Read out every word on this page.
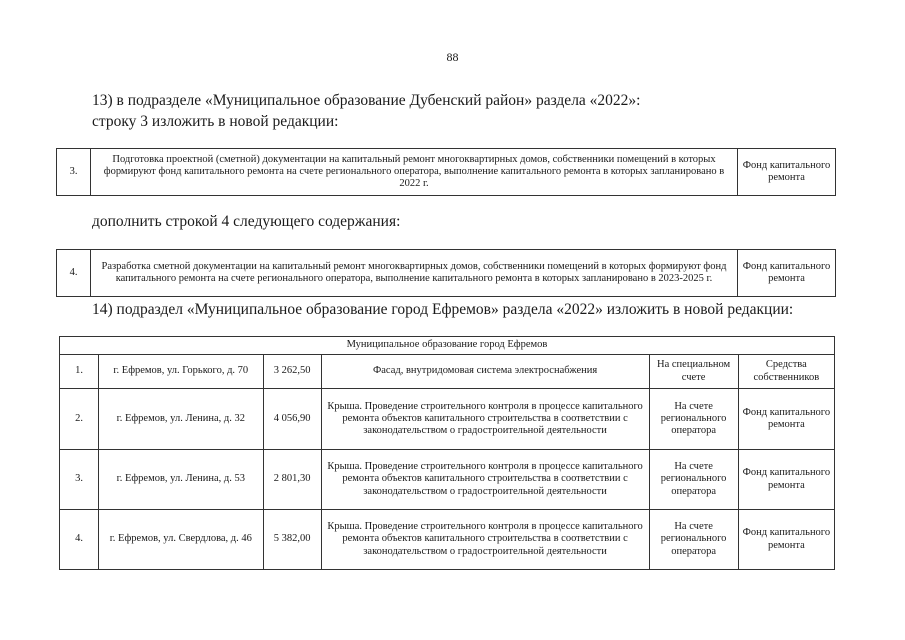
88
13) в подразделе «Муниципальное образование Дубенский район» раздела «2022»:
строку 3 изложить в новой редакции:
3.	Подготовка проектной (сметной) документации на капитальный ремонт многоквартирных домов, собственники помещений в которых формируют фонд капитального ремонта на счете регионального оператора, выполнение капитального ремонта в которых запланировано в 2022 г.	Фонд капитального ремонта
дополнить строкой 4 следующего содержания:
4.	Разработка сметной документации на капитальный ремонт многоквартирных домов, собственники помещений в которых формируют фонд капитального ремонта на счете регионального оператора, выполнение капитального ремонта в которых запланировано в 2023-2025 г.	Фонд капитального ремонта
14) подраздел «Муниципальное образование город Ефремов» раздела «2022» изложить в новой редакции:
Муниципальное образование город Ефремов					
1.	г. Ефремов, ул. Горького, д. 70	3 262,50	Фасад, внутридомовая система электроснабжения	На специальном счете	Средства собственников
2.	г. Ефремов, ул. Ленина, д. 32	4 056,90	Крыша. Проведение строительного контроля в процессе капитального ремонта объектов капитального строительства в соответствии с законодательством о градостроительной деятельности	На счете регионального оператора	Фонд капитального ремонта
3.	г. Ефремов, ул. Ленина, д. 53	2 801,30	Крыша. Проведение строительного контроля в процессе капитального ремонта объектов капитального строительства в соответствии с законодательством о градостроительной деятельности	На счете регионального оператора	Фонд капитального ремонта
4.	г. Ефремов, ул. Свердлова, д. 46	5 382,00	Крыша. Проведение строительного контроля в процессе капитального ремонта объектов капитального строительства в соответствии с законодательством о градостроительной деятельности	На счете регионального оператора	Фонд капитального ремонта
